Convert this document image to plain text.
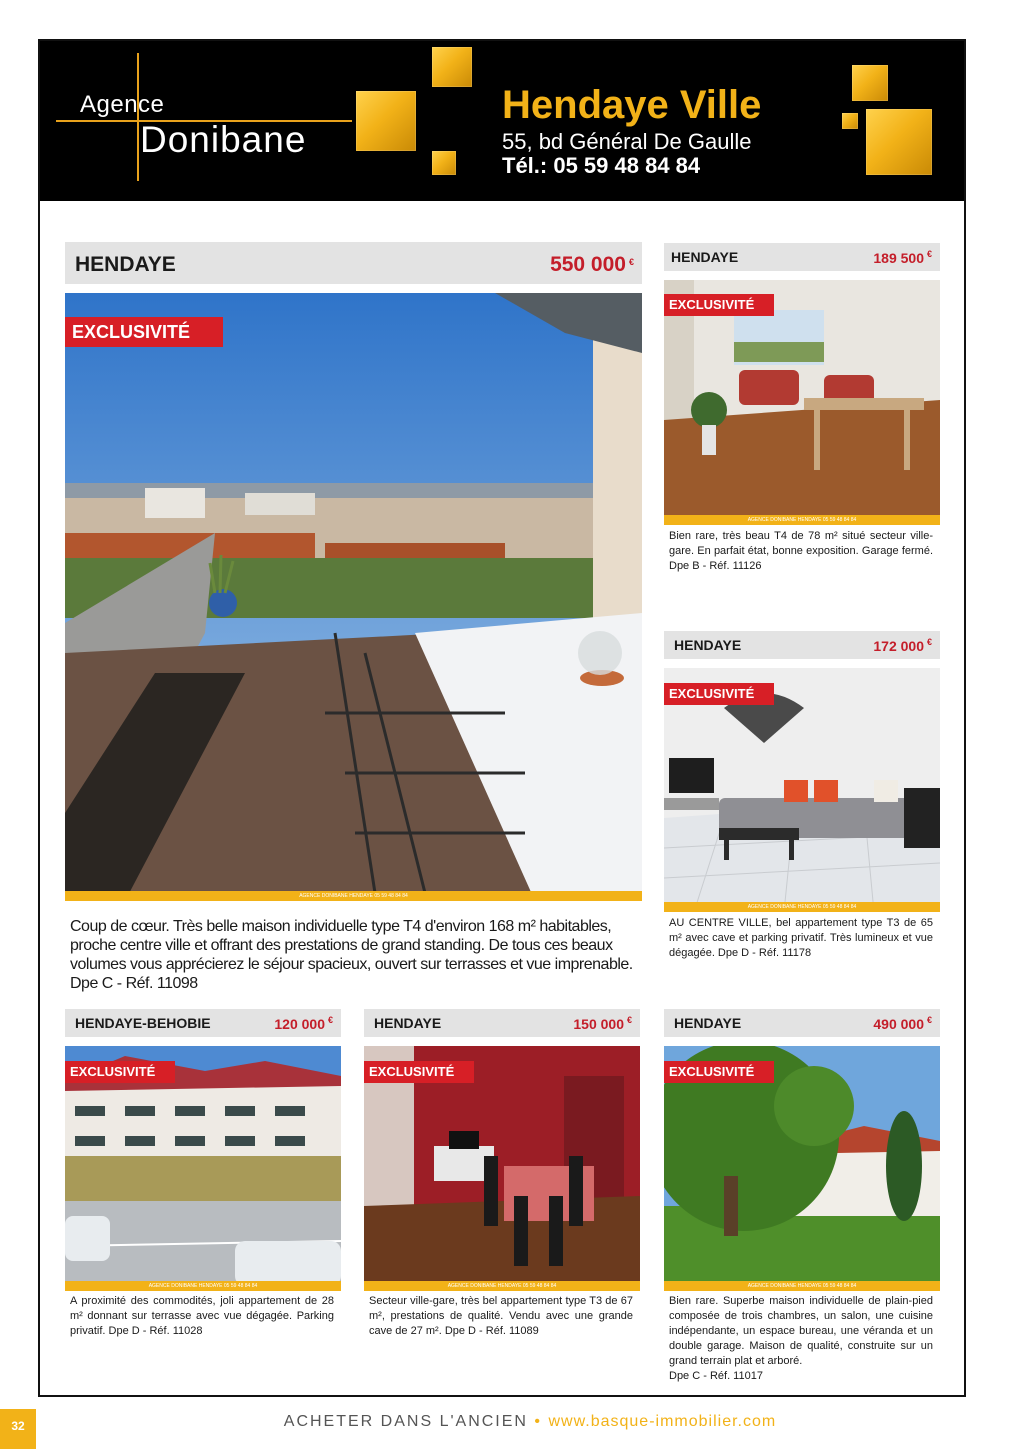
Agence
Donibane
Hendaye Ville
55, bd Général De Gaulle
Tél.: 05 59 48 84 84
HENDAYE	550 000 €
EXCLUSIVITÉ
AGENCE DONIBANE HENDAYE 05 59 48 84 84
Coup de cœur. Très belle maison individuelle type T4 d'environ 168 m² habitables, proche centre ville et offrant des prestations de grand standing. De tous ces beaux volumes vous apprécierez le séjour spacieux, ouvert sur terrasses et vue imprenable.
Dpe C - Réf. 11098
HENDAYE	189 500 €
EXCLUSIVITÉ
AGENCE DONIBANE HENDAYE 05 59 48 84 84
Bien rare, très beau T4 de 78 m² situé secteur ville-gare. En parfait état, bonne exposition. Garage fermé. Dpe B - Réf. 11126
HENDAYE	172 000 €
EXCLUSIVITÉ
AGENCE DONIBANE HENDAYE 05 59 48 84 84
AU CENTRE VILLE, bel appartement type T3 de 65 m² avec cave et parking privatif. Très lumineux et vue dégagée. Dpe D - Réf. 11178
HENDAYE-BEHOBIE	120 000 €
EXCLUSIVITÉ
AGENCE DONIBANE HENDAYE 05 59 48 84 84
A proximité des commodités, joli appartement de 28 m² donnant sur terrasse avec vue dégagée. Parking privatif. Dpe D - Réf. 11028
HENDAYE	150 000 €
EXCLUSIVITÉ
AGENCE DONIBANE HENDAYE 05 59 48 84 84
Secteur ville-gare, très bel appartement type T3 de 67 m², prestations de qualité. Vendu avec une grande cave de 27 m². Dpe D - Réf. 11089
HENDAYE	490 000 €
EXCLUSIVITÉ
AGENCE DONIBANE HENDAYE 05 59 48 84 84
Bien rare. Superbe maison individuelle de plain-pied composée de trois chambres, un salon, une cuisine indépendante, un espace bureau, une véranda et un double garage. Maison de qualité, construite sur un grand terrain plat et arboré.
Dpe C - Réf. 11017
32	ACHETER DANS L'ANCIEN • www.basque-immobilier.com
